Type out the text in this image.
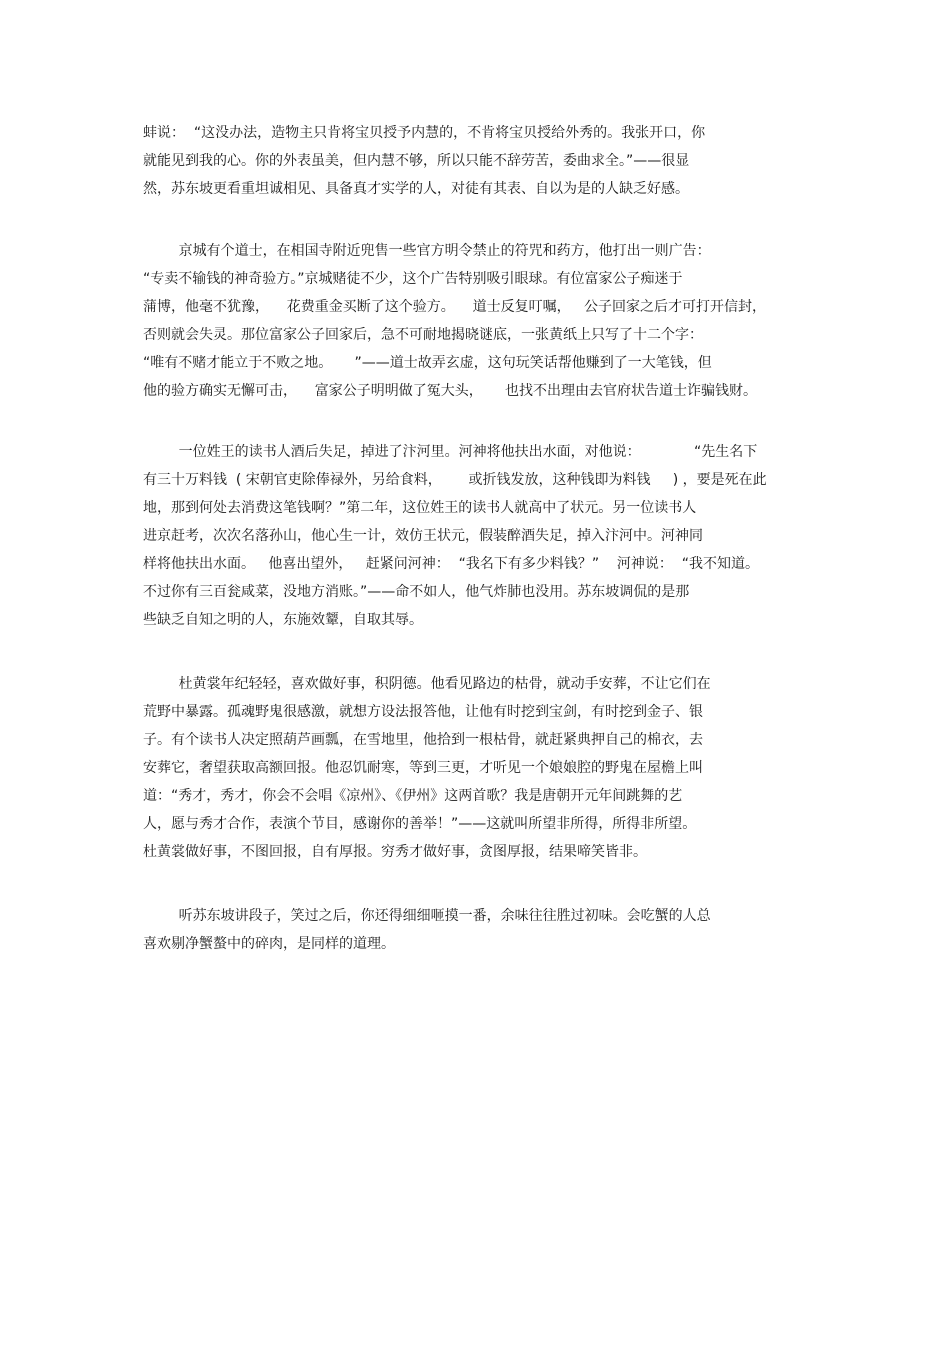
蚌说：  “这没办法，造物主只肯将宝贝授予内慧的，不肯将宝贝授给外秀的。我张开口，你
就能见到我的心。你的外表虽美，但内慧不够，所以只能不辞劳苦，委曲求全。”——很显
然，苏东坡更看重坦诚相见、具备真才实学的人，对徒有其表、自以为是的人缺乏好感。
京城有个道士，在相国寺附近兜售一些官方明令禁止的符咒和药方，他打出一则广告：
“专卖不输钱的神奇验方。”京城赌徒不少，这个广告特别吸引眼球。有位富家公子痴迷于
蒲博，他毫不犹豫，    花费重金买断了这个验方。    道士反复叮嘱，   公子回家之后才可打开信封，
否则就会失灵。那位富家公子回家后，急不可耐地揭晓谜底，一张黄纸上只写了十二个字：
“唯有不赌才能立于不败之地。     ”——道士故弄玄虚，这句玩笑话帮他赚到了一大笔钱，但
他的验方确实无懈可击，    富家公子明明做了冤大头，     也找不出理由去官府状告道士诈骗钱财。
一位姓王的读书人酒后失足，掉进了汴河里。河神将他扶出水面，对他说：            “先生名下
有三十万料钱  ( 宋朝官吏除俸禄外，另给食料，      或折钱发放，这种钱即为料钱     ) ，要是死在此
地，那到何处去消费这笔钱啊？”第二年，这位姓王的读书人就高中了状元。另一位读书人
进京赶考，次次名落孙山，他心生一计，效仿王状元，假装醉酒失足，掉入汴河中。河神同
样将他扶出水面。   他喜出望外，   赶紧问河神：  “我名下有多少料钱？”    河神说：  “我不知道。
不过你有三百瓮咸菜，没地方消账。”——命不如人，他气炸肺也没用。苏东坡调侃的是那
些缺乏自知之明的人，东施效颦，自取其辱。
杜黄裳年纪轻轻，喜欢做好事，积阴德。他看见路边的枯骨，就动手安葬，不让它们在
荒野中暴露。孤魂野鬼很感激，就想方设法报答他，让他有时挖到宝剑，有时挖到金子、银
子。有个读书人决定照葫芦画瓢，在雪地里，他拾到一根枯骨，就赶紧典押自己的棉衣，去
安葬它，奢望获取高额回报。他忍饥耐寒，等到三更，才听见一个娘娘腔的野鬼在屋檐上叫
道：“秀才，秀才，你会不会唱《凉州》、《伊州》这两首歌？我是唐朝开元年间跳舞的艺
人，愿与秀才合作，表演个节目，感谢你的善举！”——这就叫所望非所得，所得非所望。
杜黄裳做好事，不图回报，自有厚报。穷秀才做好事，贪图厚报，结果啼笑皆非。
听苏东坡讲段子，笑过之后，你还得细细咂摸一番，余味往往胜过初味。会吃蟹的人总
喜欢剔净蟹螯中的碎肉，是同样的道理。
